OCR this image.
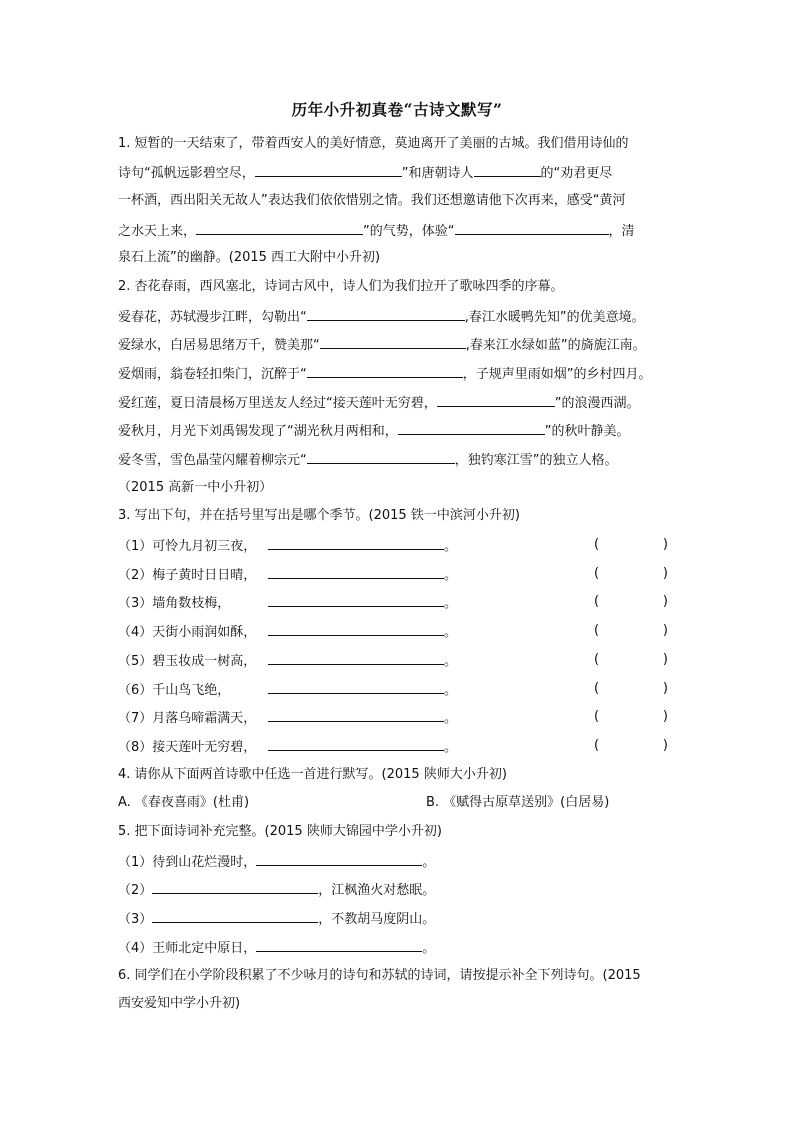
历年小升初真卷“古诗文默写”
1. 短暂的一天结束了，带着西安人的美好情意，莫迪离开了美丽的古城。我们借用诗仙的
诗句“孤帆远影碧空尽，	”和唐朝诗人	的“劝君更尽
一杯酒，西出阳关无故人”表达我们依依惜别之情。我们还想邀请他下次再来，感受“黄河
之水天上来，	”的气势，体验“	，清
泉石上流”的幽静。(2015 西工大附中小升初)
2. 杏花春雨，西风塞北，诗词古风中，诗人们为我们拉开了歌咏四季的序幕。
爱春花，苏轼漫步江畔，勾勒出“	,春江水暖鸭先知”的优美意境。
爱绿水，白居易思绪万千，赞美那“	,春来江水绿如蓝”的旖旎江南。
爱烟雨，翁卷轻扣柴门，沉醉于“	，子规声里雨如烟”的乡村四月。
爱红莲，夏日清晨杨万里送友人经过“接天莲叶无穷碧，	”的浪漫西湖。
爱秋月，月光下刘禹锡发现了“湖光秋月两相和，	”的秋叶静美。
爱冬雪，雪色晶莹闪耀着柳宗元“	，独钓寒江雪”的独立人格。
（2015 高新一中小升初）
3. 写出下句，并在括号里写出是哪个季节。(2015 铁一中滨河小升初)
（1）可怜九月初三夜，	。	(	)
（2）梅子黄时日日晴，	。	(	)
（3）墙角数枝梅，	。	(	)
（4）天街小雨润如酥，	。	(	)
（5）碧玉妆成一树高，	。	(	)
（6）千山鸟飞绝，	。	(	)
（7）月落乌啼霜满天，	。	(	)
（8）接天莲叶无穷碧，	。	(	)
4. 请你从下面两首诗歌中任选一首进行默写。(2015 陕师大小升初)
A. 《春夜喜雨》(杜甫)	B. 《赋得古原草送别》(白居易)
5. 把下面诗词补充完整。(2015 陕师大锦园中学小升初)
（1）待到山花烂漫时，	。
（2）	，江枫渔火对愁眠。
（3）	，不教胡马度阴山。
（4）王师北定中原日，	。
6. 同学们在小学阶段积累了不少咏月的诗句和苏轼的诗词，请按提示补全下列诗句。(2015
西安爱知中学小升初)
